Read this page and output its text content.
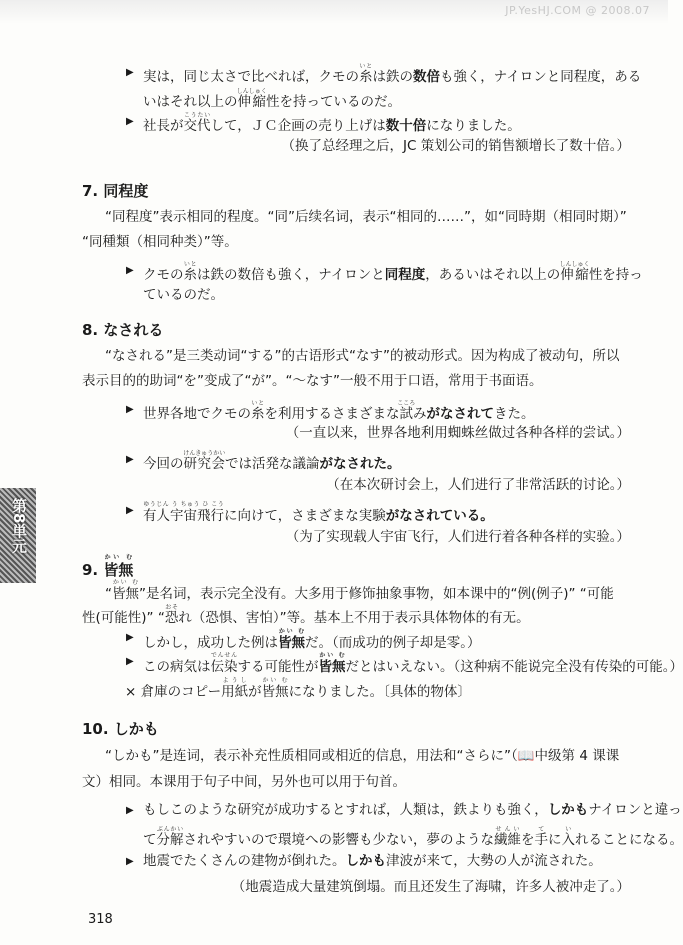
JP.YesHJ.COM @ 2008.07
第8単元
▶ 実は，同じ太さで比べれば，クモの糸いとは鉄の数倍も強く，ナイロンと同程度，ある
いはそれ以上の伸縮しんしゅく性を持っているのだ。
▶ 社長が交代こうたいして，ＪＣ企画の売り上げは数十倍になりました。
（换了总经理之后，JC 策划公司的销售额增长了数十倍。）
7. 同程度
“同程度”表示相同的程度。“同”后续名词，表示“相同的……”，如“同時期（相同时期）”
“同種類（相同种类）”等。
▶ クモの糸いとは鉄の数倍も強く，ナイロンと同程度，あるいはそれ以上の伸縮しんしゅく性を持っ
ているのだ。
8. なされる
“なされる”是三类动词“する”的古语形式“なす”的被动形式。因为构成了被动句，所以
表示目的的助词“を”变成了“が”。“～なす”一般不用于口语，常用于书面语。
▶ 世界各地でクモの糸いとを利用するさまざまな試こころみがなされてきた。
（一直以来，世界各地利用蜘蛛丝做过各种各样的尝试。）
▶ 今回の研究会けんきゅうかいでは活発な議論がなされた。
（在本次研讨会上，人们进行了非常活跃的讨论。）
▶ 有人宇宙飛行ゆうじん う ちゅう ひ こうに向けて，さまざまな実験がなされている。
（为了实现载人宇宙飞行，人们进行着各种各样的实验。）
9. 皆無かい む
“皆無かい む”是名词，表示完全没有。大多用于修饰抽象事物，如本课中的“例(例子)” “可能
性(可能性)” “恐おそれ（恐惧、害怕）”等。基本上不用于表示具体物体的有无。
▶ しかし，成功した例は皆無かい むだ。（而成功的例子却是零。）
▶ この病気は伝染でんせんする可能性が皆無かい むだとはいえない。（这种病不能说完全没有传染的可能。）
× 倉庫のコピー用紙ようしが皆無かい むになりました。〔具体的物体〕
10. しかも
“しかも”是连词，表示补充性质相同或相近的信息，用法和“さらに”（📖中级第 4 课课
文）相同。本课用于句子中间，另外也可以用于句首。
▶ もしこのような研究が成功するとすれば，人類は，鉄よりも強く，しかもナイロンと違っ
て分解ぶんかいされやすいので環境への影響も少ない，夢のような繊維せんいを手てに入いれることになる。
▶ 地震でたくさんの建物が倒れた。しかも津波が来て，大勢の人が流された。
（地震造成大量建筑倒塌。而且还发生了海啸，许多人被冲走了。）
318
